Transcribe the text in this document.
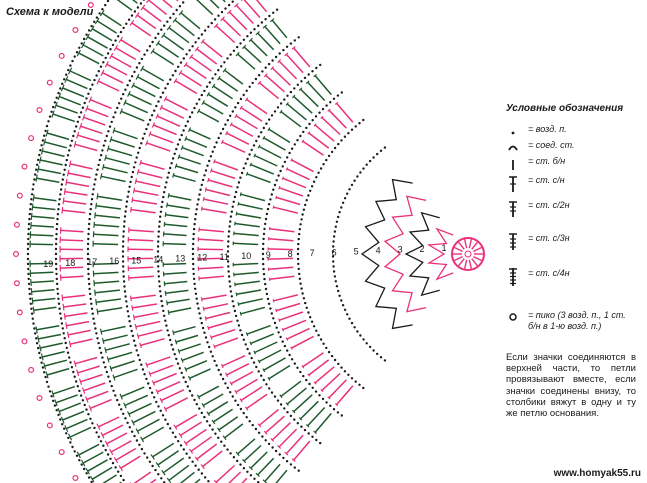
Схема к модели
1
2
3
4
5
6
7
8
9
10
11
12
13
14
15
16
17
18
19
Условные обозначения
= возд. п.
= соед. ст.
= ст. б/н
= ст. с/н
= ст. с/2н
= ст. с/3н
= ст. с/4н
= пико (3 возд. п., 1 ст.
б/н в 1-ю возд. п.)
Если значки соединяются в верхней части, то петли провязывают вместе, если значки соединены внизу, то столбики вяжут в одну и ту же петлю основания.
www.homyak55.ru
